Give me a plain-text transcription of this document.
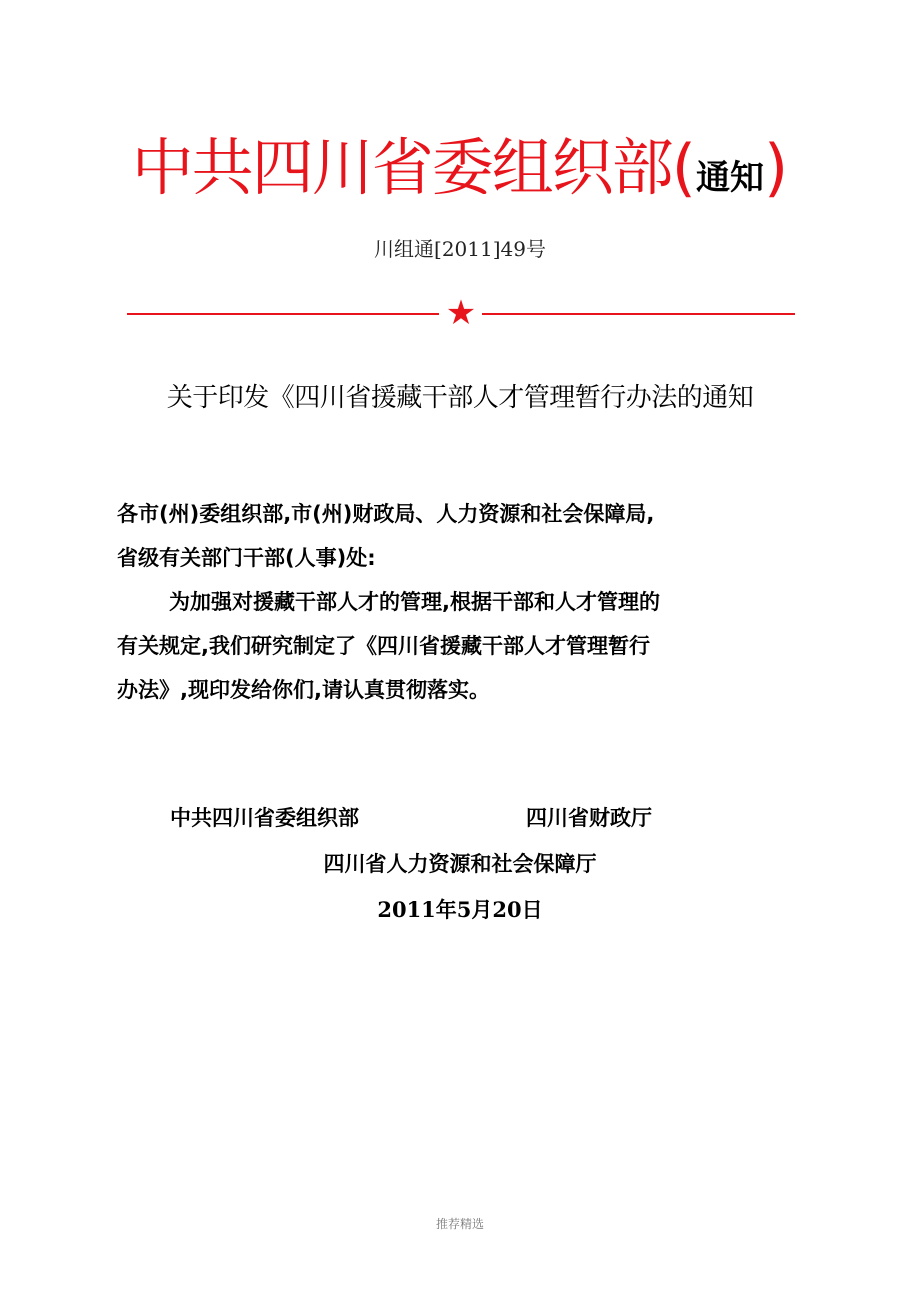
中共四川省委组织部(通知)
川组通[2011]49号
★
关于印发《四川省援藏干部人才管理暂行办法的通知
各市(州)委组织部,市(州)财政局、人力资源和社会保障局,
省级有关部门干部(人事)处:
为加强对援藏干部人才的管理,根据干部和人才管理的
有关规定,我们研究制定了《四川省援藏干部人才管理暂行
办法》,现印发给你们,请认真贯彻落实。
中共四川省委组织部	四川省财政厅
四川省人力资源和社会保障厅
2011年5月20日
推荐精选
